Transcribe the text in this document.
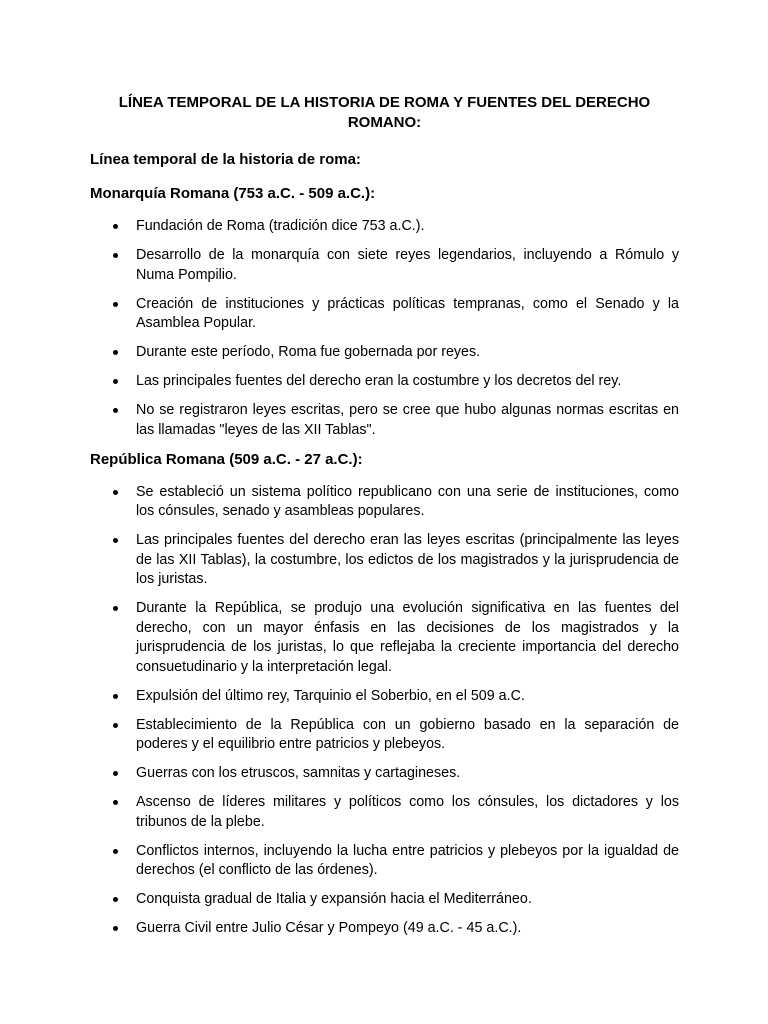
LÍNEA TEMPORAL DE LA HISTORIA DE ROMA Y FUENTES DEL DERECHO ROMANO:
Línea temporal de la historia de roma:
Monarquía Romana (753 a.C. - 509 a.C.):
Fundación de Roma (tradición dice 753 a.C.).
Desarrollo de la monarquía con siete reyes legendarios, incluyendo a Rómulo y Numa Pompilio.
Creación de instituciones y prácticas políticas tempranas, como el Senado y la Asamblea Popular.
Durante este período, Roma fue gobernada por reyes.
Las principales fuentes del derecho eran la costumbre y los decretos del rey.
No se registraron leyes escritas, pero se cree que hubo algunas normas escritas en las llamadas "leyes de las XII Tablas".
República Romana (509 a.C. - 27 a.C.):
Se estableció un sistema político republicano con una serie de instituciones, como los cónsules, senado y asambleas populares.
Las principales fuentes del derecho eran las leyes escritas (principalmente las leyes de las XII Tablas), la costumbre, los edictos de los magistrados y la jurisprudencia de los juristas.
Durante la República, se produjo una evolución significativa en las fuentes del derecho, con un mayor énfasis en las decisiones de los magistrados y la jurisprudencia de los juristas, lo que reflejaba la creciente importancia del derecho consuetudinario y la interpretación legal.
Expulsión del último rey, Tarquinio el Soberbio, en el 509 a.C.
Establecimiento de la República con un gobierno basado en la separación de poderes y el equilibrio entre patricios y plebeyos.
Guerras con los etruscos, samnitas y cartagineses.
Ascenso de líderes militares y políticos como los cónsules, los dictadores y los tribunos de la plebe.
Conflictos internos, incluyendo la lucha entre patricios y plebeyos por la igualdad de derechos (el conflicto de las órdenes).
Conquista gradual de Italia y expansión hacia el Mediterráneo.
Guerra Civil entre Julio César y Pompeyo (49 a.C. - 45 a.C.).
